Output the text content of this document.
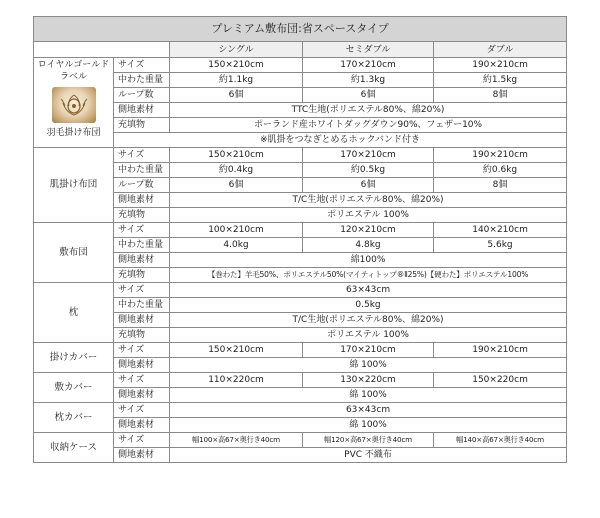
プレミアム敷布団:省スペースタイプ				
		シングル	セミダブル	ダブル

ロイヤルゴールド
ラベル
羽毛掛け布団	サイズ	150×210cm	170×210cm	190×210cm
	中わた重量	約1.1kg	約1.3kg	約1.5kg
	ループ数	6個	6個	8個
	側地素材	TTC生地(ポリエステル80%、綿20%)		
	充填物	ポーランド産ホワイトダッグダウン90%、フェザー10%		
	※肌掛をつなぎとめるホックバンド付き			
肌掛け布団	サイズ	150×210cm	170×210cm	190×210cm
	中わた重量	約0.4kg	約0.5kg	約0.6kg
	ループ数	6個	6個	8個
	側地素材	T/C生地(ポリエステル80%、綿20%)		
	充填物	ポリエステル 100%		
敷布団	サイズ	100×210cm	120×210cm	140×210cm
	中わた重量	4.0kg	4.8kg	5.6kg
	側地素材	綿100%		
	充填物	【巻わた】羊毛50%、ポリエステル50%(マイティトップ®Ⅱ25%)【硬わた】ポリエステル100%		
枕	サイズ	63×43cm		
	中わた重量	0.5kg		
	側地素材	T/C生地(ポリエステル80%、綿20%)		
	充填物	ポリエステル 100%		
掛けカバー	サイズ	150×210cm	170×210cm	190×210cm
	側地素材	綿 100%		
敷カバー	サイズ	110×220cm	130×220cm	150×220cm
	側地素材	綿 100%		
枕カバー	サイズ	63×43cm		
	側地素材	綿 100%		
収納ケース	サイズ	幅100×高67×奥行き40cm	幅120×高67×奥行き40cm	幅140×高67×奥行き40cm
	側地素材	PVC 不織布		
